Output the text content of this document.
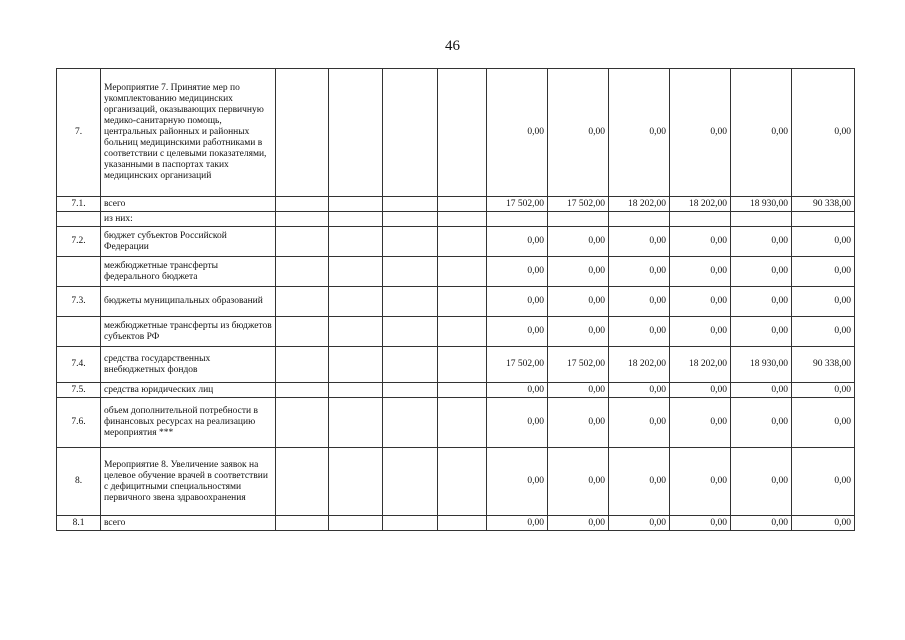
46
7.	Мероприятие 7. Принятие мер по укомплектованию медицинских организаций, оказывающих первичную медико-санитарную помощь, центральных районных и районных больниц медицинскими работниками в соответствии с целевыми показателями, указанными в паспортах таких медицинских организаций					0,00	0,00	0,00	0,00	0,00	0,00
7.1.	всего					17 502,00	17 502,00	18 202,00	18 202,00	18 930,00	90 338,00
	из них:										
7.2.	бюджет субъектов Российской Федерации					0,00	0,00	0,00	0,00	0,00	0,00
	межбюджетные трансферты федерального бюджета					0,00	0,00	0,00	0,00	0,00	0,00
7.3.	бюджеты муниципальных образований					0,00	0,00	0,00	0,00	0,00	0,00
	межбюджетные трансферты из бюджетов субъектов РФ					0,00	0,00	0,00	0,00	0,00	0,00
7.4.	средства государственных внебюджетных фондов					17 502,00	17 502,00	18 202,00	18 202,00	18 930,00	90 338,00
7.5.	средства юридических лиц					0,00	0,00	0,00	0,00	0,00	0,00
7.6.	объем дополнительной потребности в финансовых ресурсах на реализацию мероприятия ***					0,00	0,00	0,00	0,00	0,00	0,00
8.	Мероприятие 8. Увеличение заявок на целевое обучение врачей в соответствии с дефицитными специальностями первичного звена здравоохранения					0,00	0,00	0,00	0,00	0,00	0,00
8.1	всего					0,00	0,00	0,00	0,00	0,00	0,00
